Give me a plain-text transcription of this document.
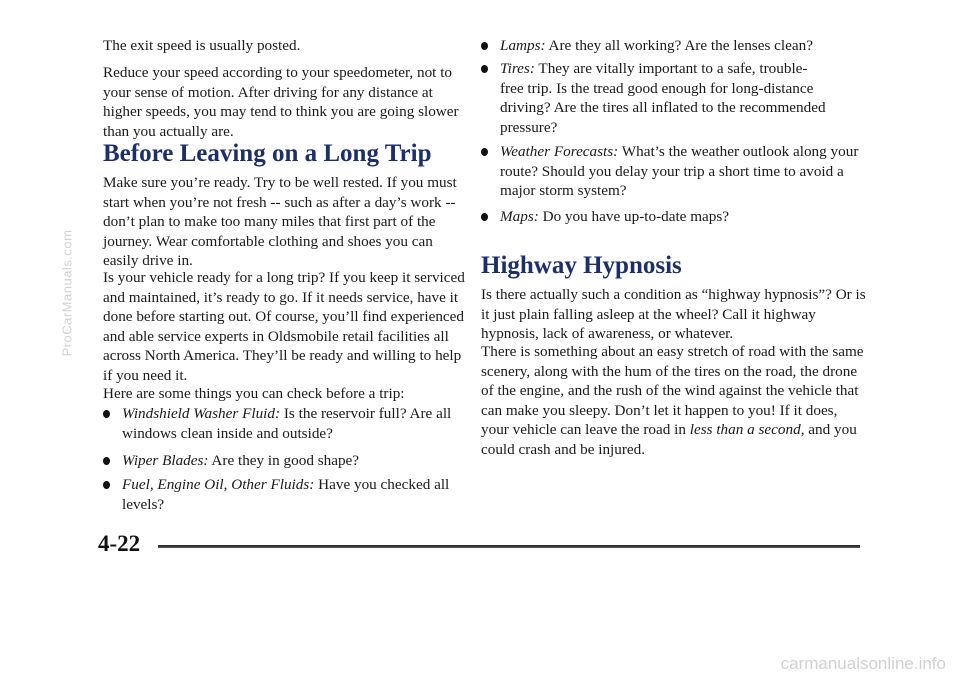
The exit speed is usually posted.

Reduce your speed according to your speedometer, not to your sense of motion. After driving for any distance at higher speeds, you may tend to think you are going slower than you actually are.

Before Leaving on a Long Trip

Make sure you’re ready. Try to be well rested. If you must start when you’re not fresh -- such as after a day’s work -- don’t plan to make too many miles that first part of the journey. Wear comfortable clothing and shoes you can easily drive in.

Is your vehicle ready for a long trip? If you keep it serviced and maintained, it’s ready to go. If it needs service, have it done before starting out. Of course, you’ll find experienced and able service experts in Oldsmobile retail facilities all across North America. They’ll be ready and willing to help if you need it.

Here are some things you can check before a trip:

Windshield Washer Fluid: Is the reservoir full? Are all windows clean inside and outside?
Wiper Blades: Are they in good shape?
Fuel, Engine Oil, Other Fluids: Have you checked all levels?
Lamps: Are they all working? Are the lenses clean?
Tires: They are vitally important to a safe, trouble-free trip. Is the tread good enough for long-distance driving? Are the tires all inflated to the recommended pressure?
Weather Forecasts: What’s the weather outlook along your route? Should you delay your trip a short time to avoid a major storm system?
Maps: Do you have up-to-date maps?
Highway Hypnosis

Is there actually such a condition as “highway hypnosis”? Or is it just plain falling asleep at the wheel? Call it highway hypnosis, lack of awareness, or whatever.

There is something about an easy stretch of road with the same scenery, along with the hum of the tires on the road, the drone of the engine, and the rush of the wind against the vehicle that can make you sleepy. Don’t let it happen to you! If it does, your vehicle can leave the road in less than a second, and you could crash and be injured.

4-22
ProCarManuals.com
carmanualsonline.info
